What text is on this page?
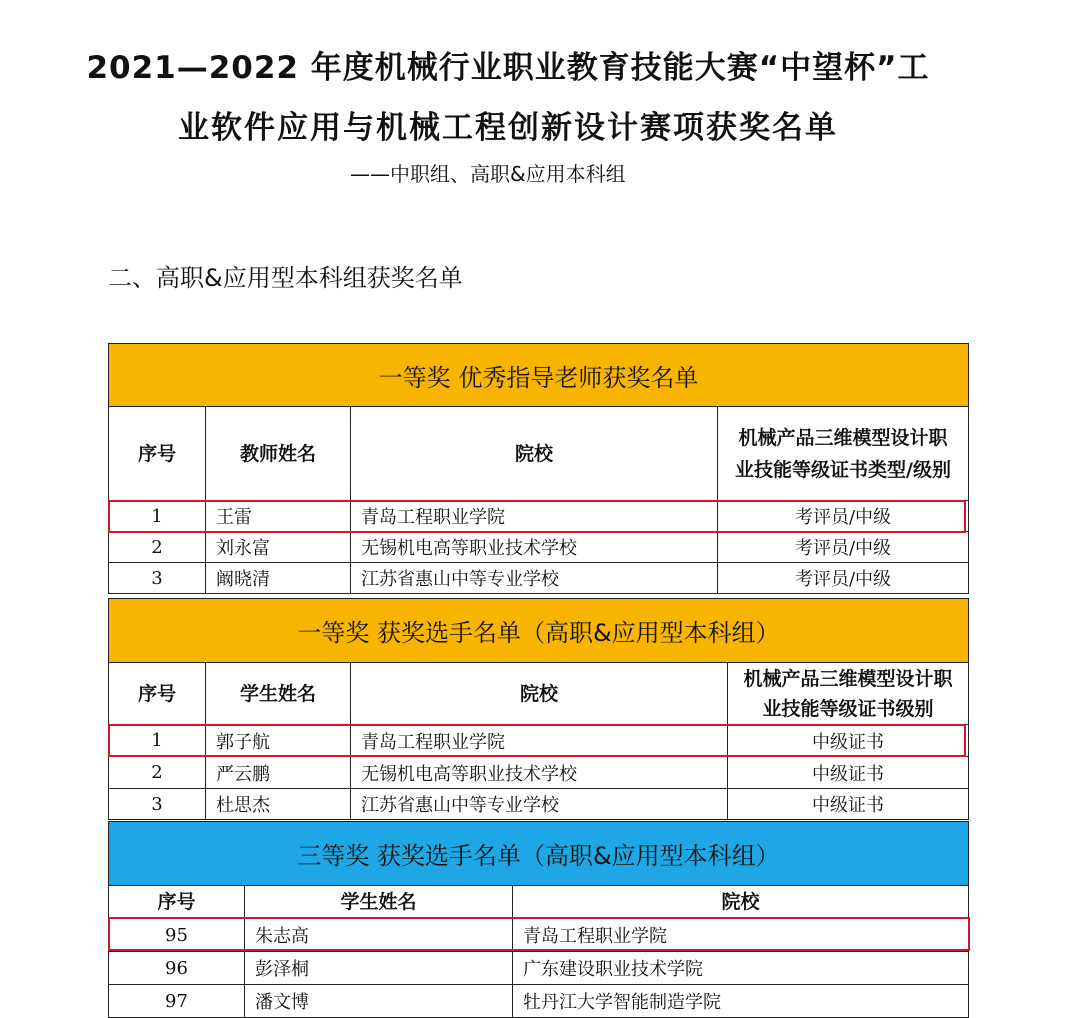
2021—2022 年度机械行业职业教育技能大赛“中望杯”工
业软件应用与机械工程创新设计赛项获奖名单
——中职组、高职&应用本科组
二、高职&应用型本科组获奖名单
一等奖 优秀指导老师获奖名单			
序号	教师姓名	院校	机械产品三维模型设计职业技能等级证书类型/级别
1	王雷	青岛工程职业学院	考评员/中级
2	刘永富	无锡机电高等职业技术学校	考评员/中级
3	阚晓清	江苏省惠山中等专业学校	考评员/中级
一等奖 获奖选手名单（高职&应用型本科组）			
序号	学生姓名	院校	机械产品三维模型设计职业技能等级证书级别
1	郭子航	青岛工程职业学院	中级证书
2	严云鹏	无锡机电高等职业技术学校	中级证书
3	杜思杰	江苏省惠山中等专业学校	中级证书
三等奖 获奖选手名单（高职&应用型本科组）		
序号	学生姓名	院校
95	朱志高	青岛工程职业学院
96	彭泽桐	广东建设职业技术学院
97	潘文博	牡丹江大学智能制造学院
